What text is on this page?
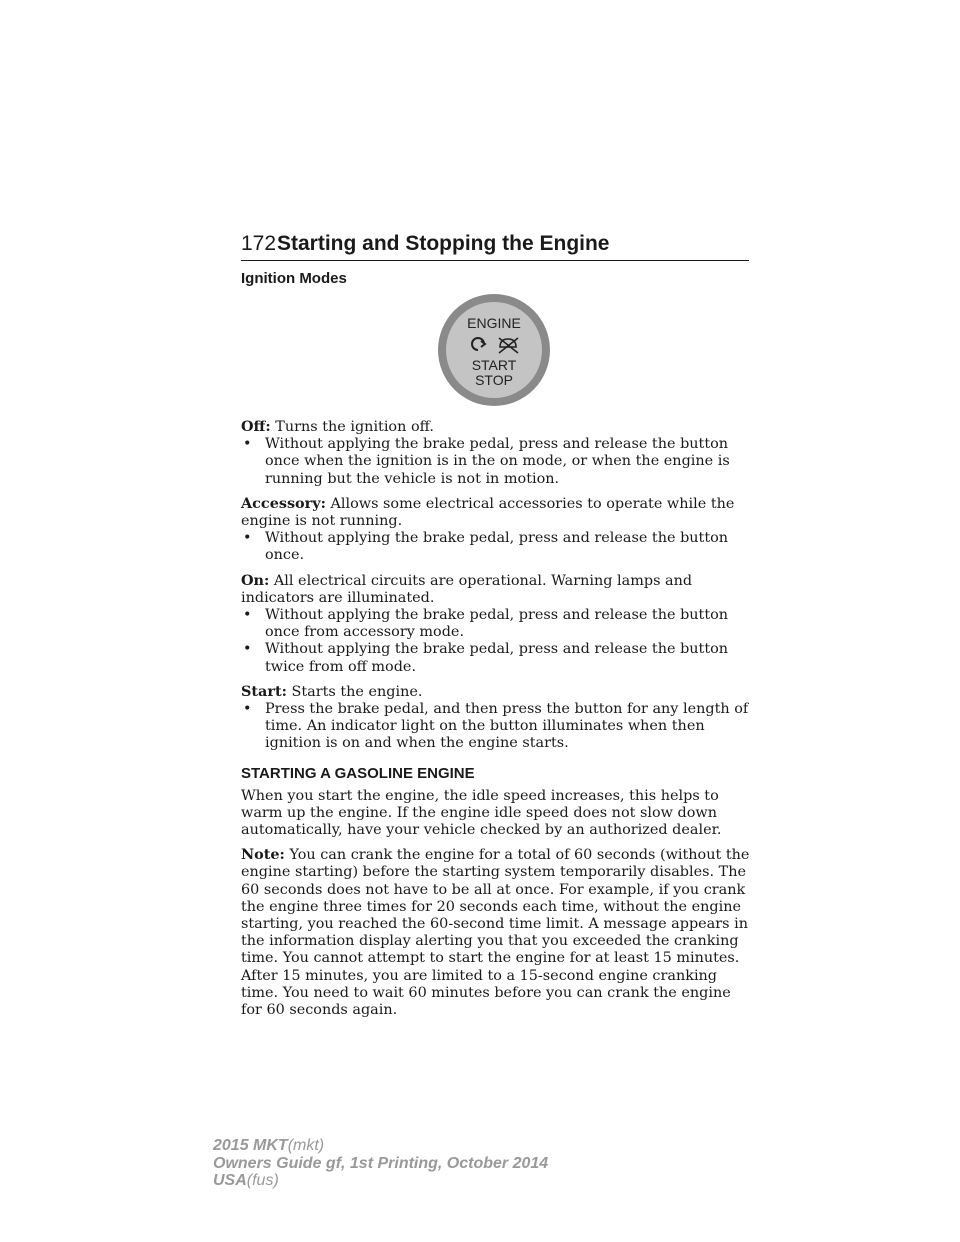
172 Starting and Stopping the Engine
Ignition Modes
ENGINE
START
STOP

Off: Turns the ignition off.

• Without applying the brake pedal, press and release the button once when the ignition is in the on mode, or when the engine is running but the vehicle is not in motion.

Accessory: Allows some electrical accessories to operate while the engine is not running.

• Without applying the brake pedal, press and release the button once.

On: All electrical circuits are operational. Warning lamps and indicators are illuminated.

• Without applying the brake pedal, press and release the button once from accessory mode.
• Without applying the brake pedal, press and release the button twice from off mode.

Start: Starts the engine.

• Press the brake pedal, and then press the button for any length of time. An indicator light on the button illuminates when then ignition is on and when the engine starts.
STARTING A GASOLINE ENGINE

When you start the engine, the idle speed increases, this helps to warm up the engine. If the engine idle speed does not slow down automatically, have your vehicle checked by an authorized dealer.

Note: You can crank the engine for a total of 60 seconds (without the engine starting) before the starting system temporarily disables. The 60 seconds does not have to be all at once. For example, if you crank the engine three times for 20 seconds each time, without the engine starting, you reached the 60-second time limit. A message appears in the information display alerting you that you exceeded the cranking time. You cannot attempt to start the engine for at least 15 minutes. After 15 minutes, you are limited to a 15-second engine cranking time. You need to wait 60 minutes before you can crank the engine for 60 seconds again.

2015 MKT(mkt)
Owners Guide gf, 1st Printing, October 2014
USA(fus)
